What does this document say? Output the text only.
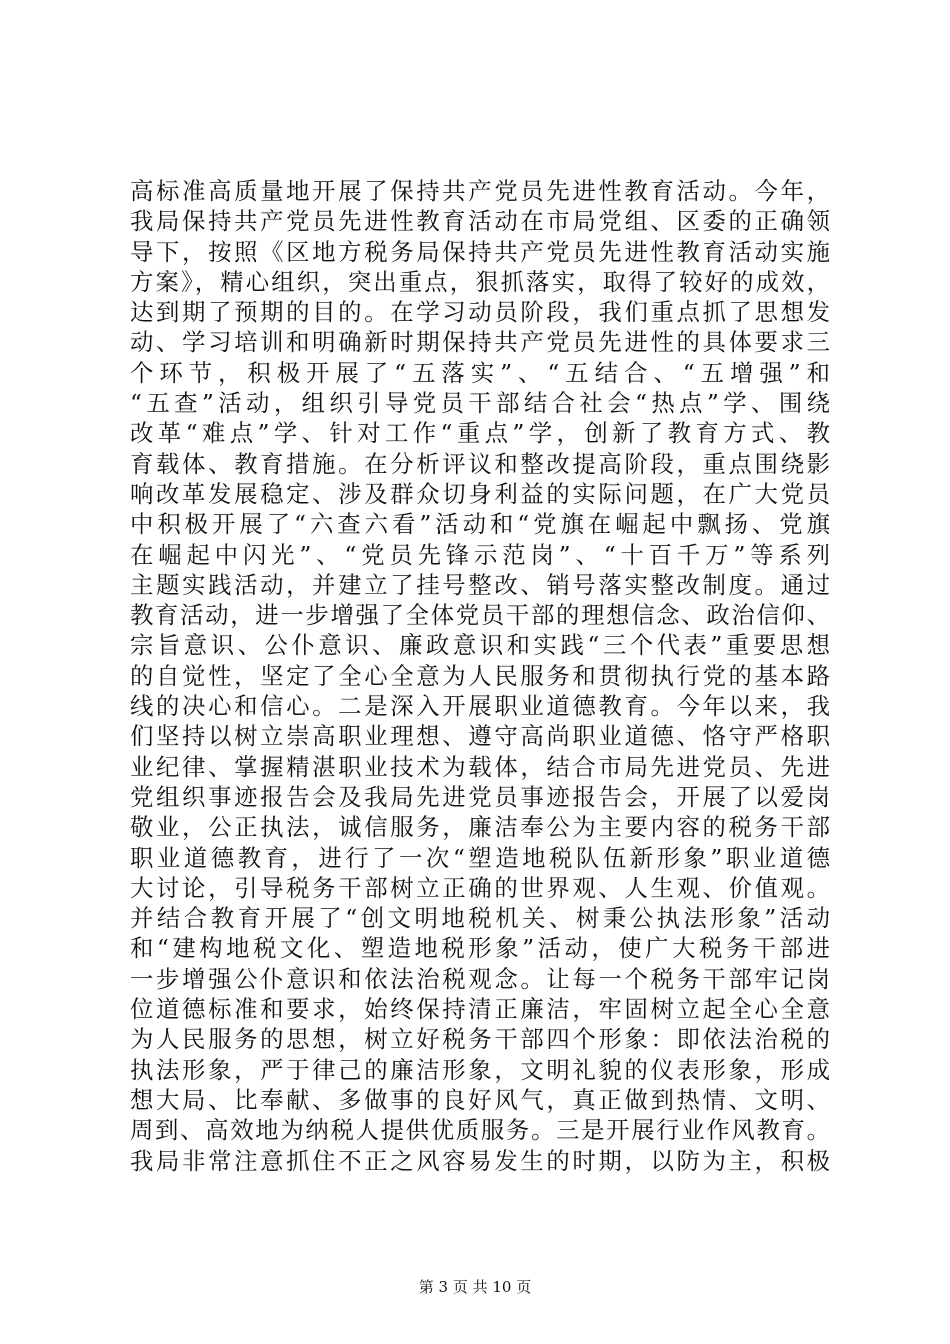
高标准高质量地开展了保持共产党员先进性教育活动。今年，
我局保持共产党员先进性教育活动在市局党组、区委的正确领
导下，按照《区地方税务局保持共产党员先进性教育活动实施
方案》，精心组织，突出重点，狠抓落实，取得了较好的成效，
达到期了预期的目的。在学习动员阶段，我们重点抓了思想发
动、学习培训和明确新时期保持共产党员先进性的具体要求三
个环节，积极开展了“五落实”、“五结合、“五增强”和
“五查”活动，组织引导党员干部结合社会“热点”学、围绕
改革“难点”学、针对工作“重点”学，创新了教育方式、教
育载体、教育措施。在分析评议和整改提高阶段，重点围绕影
响改革发展稳定、涉及群众切身利益的实际问题，在广大党员
中积极开展了“六查六看”活动和“党旗在崛起中飘扬、党旗
在崛起中闪光”、“党员先锋示范岗”、“十百千万”等系列
主题实践活动，并建立了挂号整改、销号落实整改制度。通过
教育活动，进一步增强了全体党员干部的理想信念、政治信仰、
宗旨意识、公仆意识、廉政意识和实践“三个代表”重要思想
的自觉性，坚定了全心全意为人民服务和贯彻执行党的基本路
线的决心和信心。二是深入开展职业道德教育。今年以来，我
们坚持以树立崇高职业理想、遵守高尚职业道德、恪守严格职
业纪律、掌握精湛职业技术为载体，结合市局先进党员、先进
党组织事迹报告会及我局先进党员事迹报告会，开展了以爱岗
敬业，公正执法，诚信服务，廉洁奉公为主要内容的税务干部
职业道德教育，进行了一次“塑造地税队伍新形象”职业道德
大讨论，引导税务干部树立正确的世界观、人生观、价值观。
并结合教育开展了“创文明地税机关、树秉公执法形象”活动
和“建构地税文化、塑造地税形象”活动，使广大税务干部进
一步增强公仆意识和依法治税观念。让每一个税务干部牢记岗
位道德标准和要求，始终保持清正廉洁，牢固树立起全心全意
为人民服务的思想，树立好税务干部四个形象：即依法治税的
执法形象，严于律己的廉洁形象，文明礼貌的仪表形象，形成
想大局、比奉献、多做事的良好风气，真正做到热情、文明、
周到、高效地为纳税人提供优质服务。三是开展行业作风教育。
我局非常注意抓住不正之风容易发生的时期，以防为主，积极
第 3 页 共 10 页
